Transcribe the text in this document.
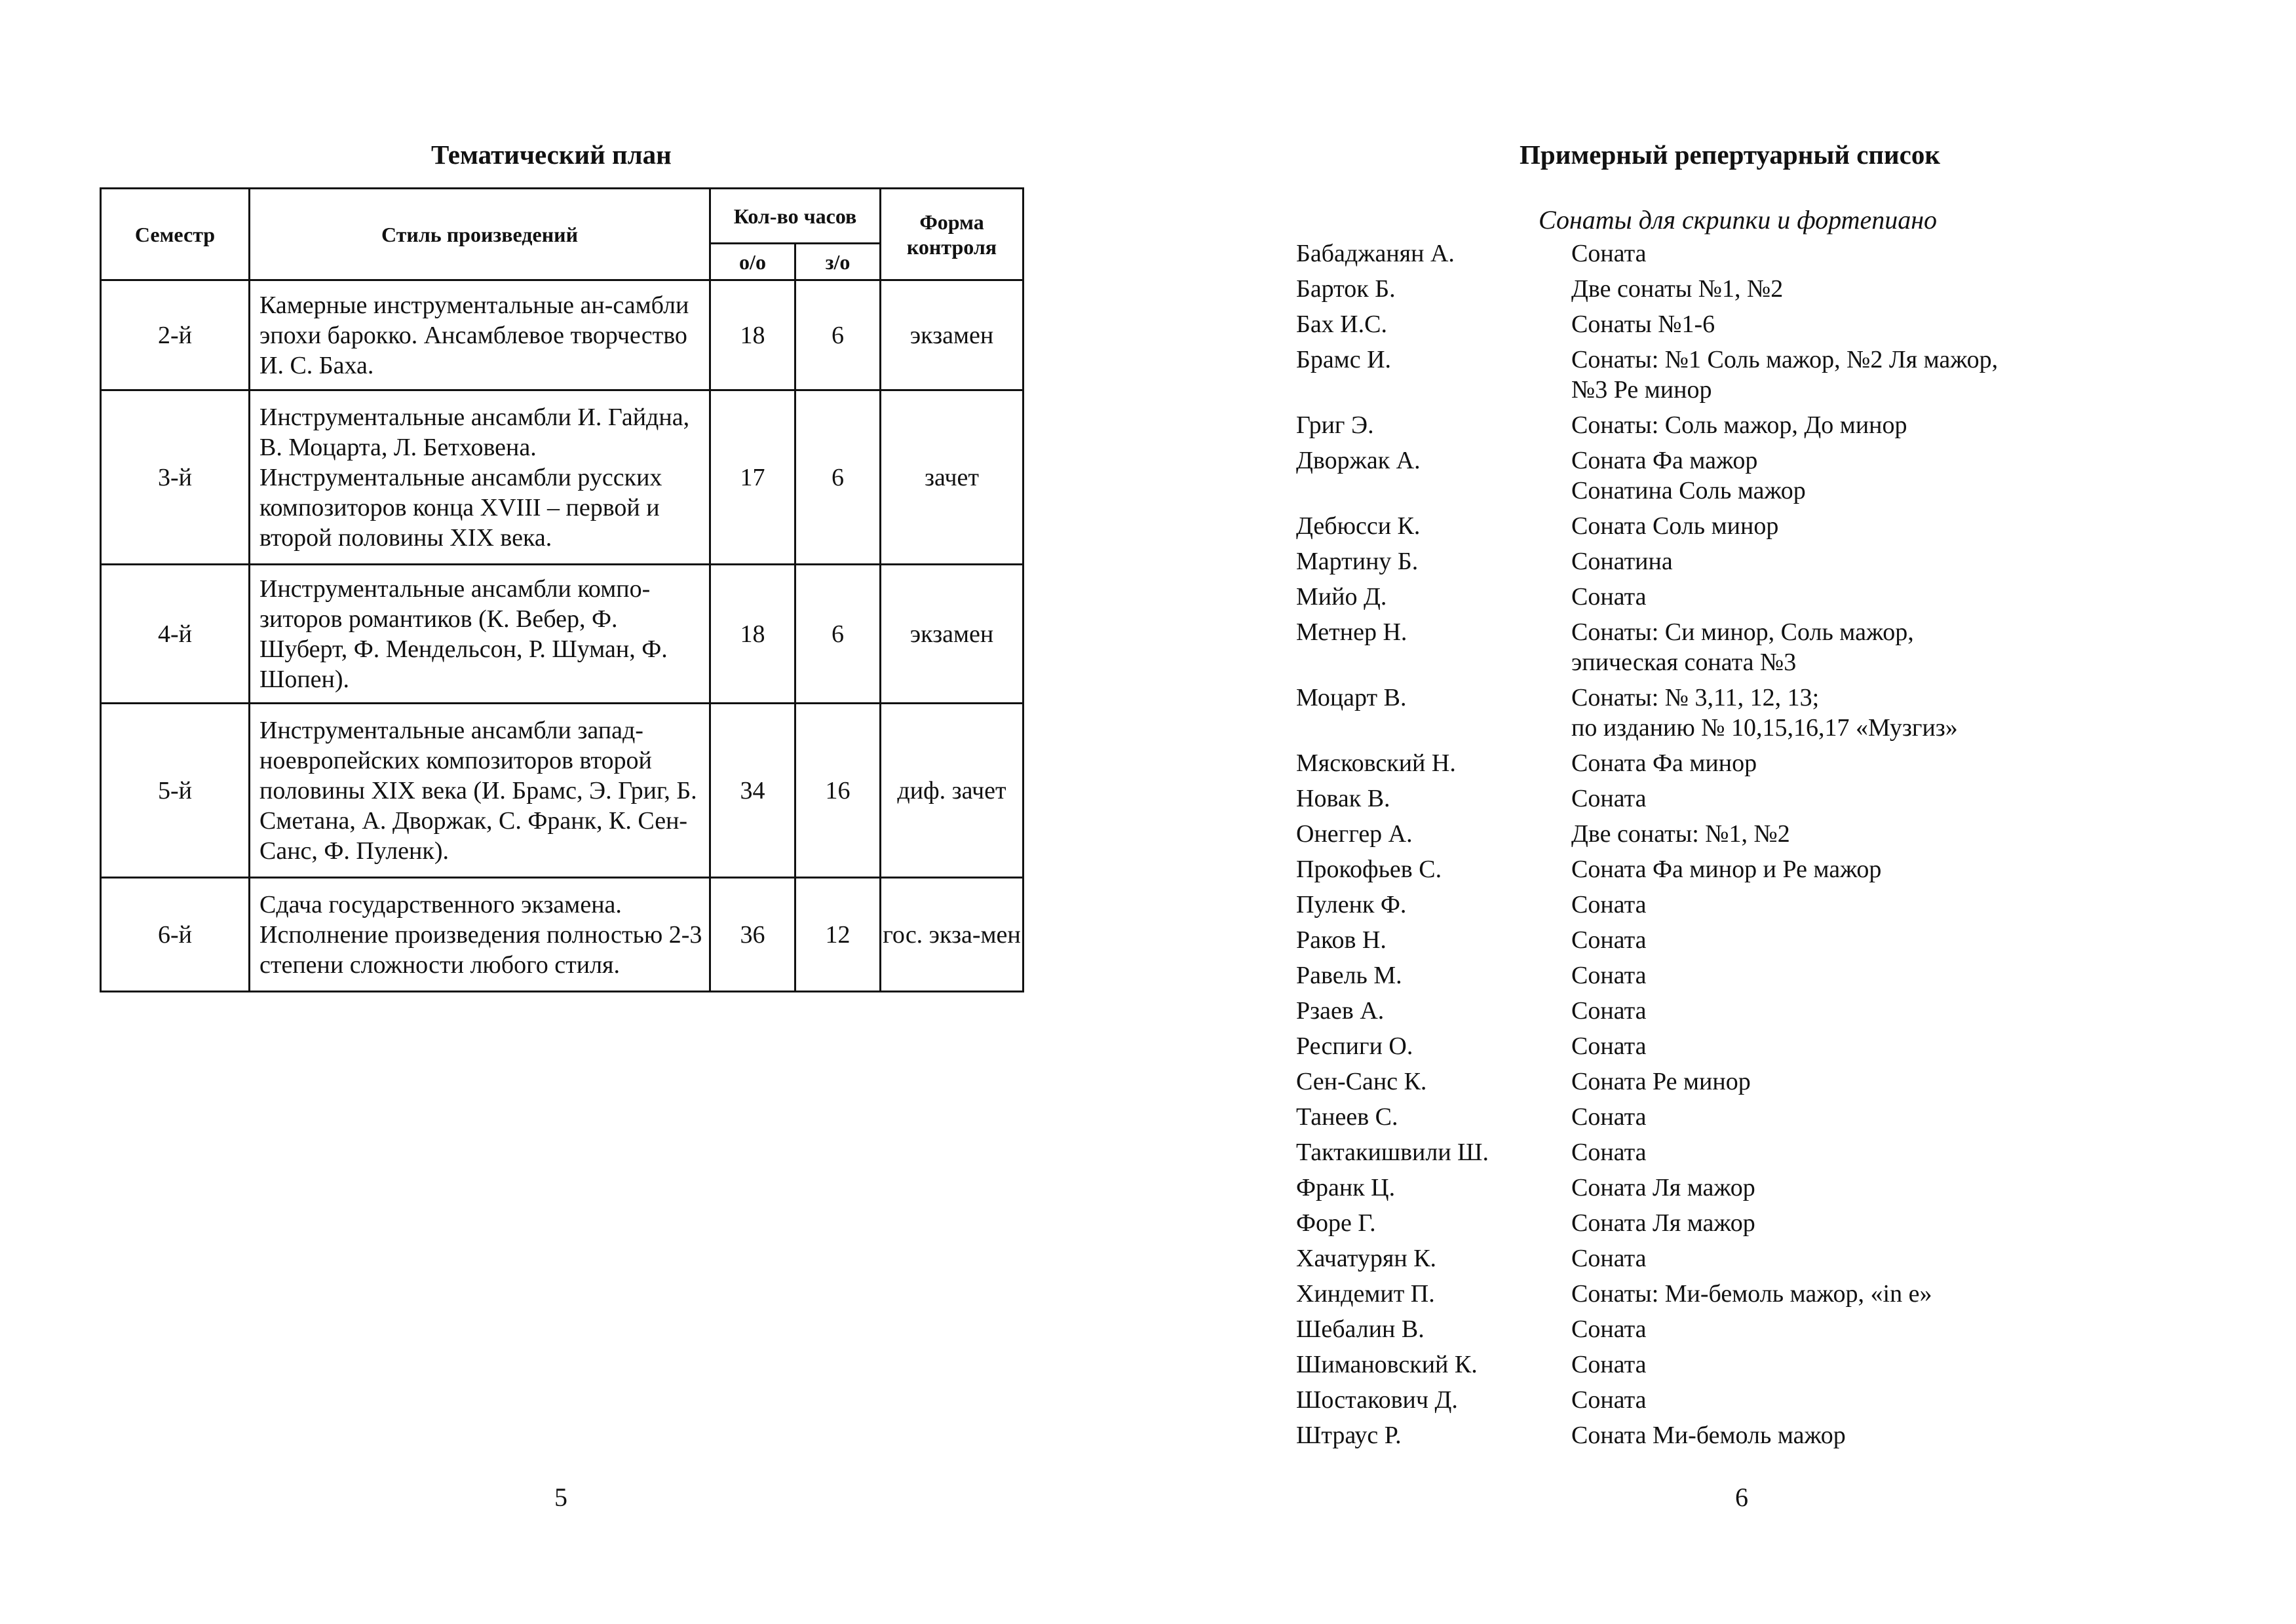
Тематический план
Семестр	Стиль произведений	Кол-во часов		Форма контроля
		о/о	з/о	
2-й	Камерные инструментальные ан-самбли эпохи барокко. Ансамблевое творчество И. С. Баха.	18	6	экзамен
3-й	Инструментальные ансамбли И. Гайдна, В. Моцарта, Л. Бетховена. Инструментальные ансамбли русских композиторов конца XVIII – первой и второй половины XIX века.	17	6	зачет
4-й	Инструментальные ансамбли компо-зиторов романтиков (К. Вебер, Ф. Шуберт, Ф. Мендельсон, Р. Шуман, Ф. Шопен).	18	6	экзамен
5-й	Инструментальные ансамбли запад-ноевропейских композиторов второй половины XIX века (И. Брамс, Э. Григ, Б. Сметана, А. Дворжак, С. Франк, К. Сен-Санс, Ф. Пуленк).	34	16	диф. зачет
6-й	Сдача государственного экзамена. Исполнение произведения полностью 2-3 степени сложности любого стиля.	36	12	гос. экза-мен
5
Примерный репертуарный список
Сонаты для скрипки и фортепиано
Бабаджанян А.	Соната
Барток Б.	Две сонаты №1, №2
Бах И.С.	Сонаты №1-6
Брамс И.	Сонаты: №1 Соль мажор, №2 Ля мажор,
№3 Ре минор
Григ Э.	Сонаты: Соль мажор, До минор
Дворжак А.	Соната Фа мажор
Сонатина Соль мажор
Дебюсси К.	Соната Соль минор
Мартину Б.	Сонатина
Мийо Д.	Соната
Метнер Н.	Сонаты: Си минор, Соль мажор,
эпическая соната №3
Моцарт В.	Сонаты: № 3,11, 12, 13;
по изданию № 10,15,16,17 «Музгиз»
Мясковский Н.	Соната Фа минор
Новак В.	Соната
Онеггер А.	Две сонаты: №1, №2
Прокофьев С.	Соната Фа минор и Ре мажор
Пуленк Ф.	Соната
Раков Н.	Соната
Равель М.	Соната
Рзаев А.	Соната
Респиги О.	Соната
Сен-Санс К.	Соната Ре минор
Танеев С.	Соната
Тактакишвили Ш.	Соната
Франк Ц.	Соната Ля мажор
Форе Г.	Соната Ля мажор
Хачатурян К.	Соната
Хиндемит П.	Сонаты: Ми-бемоль мажор, «in e»
Шебалин В.	Соната
Шимановский К.	Соната
Шостакович Д.	Соната
Штраус Р.	Соната Ми-бемоль мажор
6
